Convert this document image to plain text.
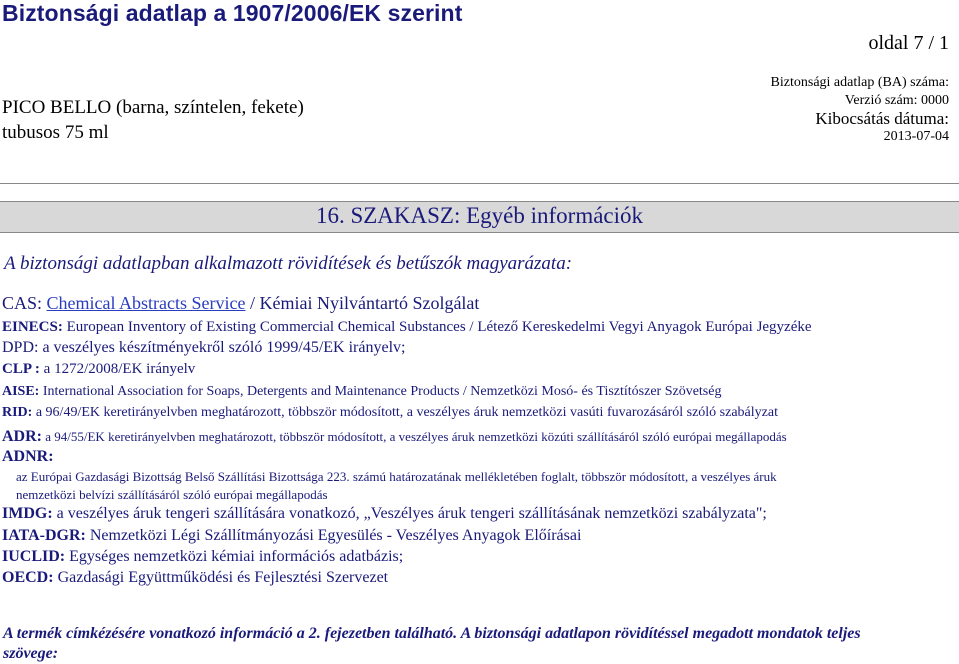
Biztonsági adatlap a 1907/2006/EK szerint
oldal 7 / 1
PICO BELLO (barna, színtelen, fekete)
tubusos 75 ml
Biztonsági adatlap (BA) száma:
Verzió szám: 0000
Kibocsátás dátuma:
2013-07-04
16. SZAKASZ: Egyéb információk
A biztonsági adatlapban alkalmazott rövidítések és betűszók magyarázata:
CAS: Chemical Abstracts Service / Kémiai Nyilvántartó Szolgálat
EINECS: European Inventory of Existing Commercial Chemical Substances / Létező Kereskedelmi Vegyi Anyagok Európai Jegyzéke
DPD: a veszélyes készítményekről szóló 1999/45/EK irányelv;
CLP : a 1272/2008/EK irányelv
AISE: International Association for Soaps, Detergents and Maintenance Products / Nemzetközi Mosó- és Tisztítószer Szövetség
RID: a 96/49/EK keretirányelvben meghatározott, többször módosított, a veszélyes áruk nemzetközi vasúti fuvarozásáról szóló szabályzat
ADR: a 94/55/EK keretirányelvben meghatározott, többször módosított, a veszélyes áruk nemzetközi közúti szállításáról szóló európai megállapodás
ADNR:
az Európai Gazdasági Bizottság Belső Szállítási Bizottsága 223. számú határozatának mellékletében foglalt, többször módosított, a veszélyes áruk
nemzetközi belvízi szállításáról szóló európai megállapodás
IMDG: a veszélyes áruk tengeri szállítására vonatkozó, „Veszélyes áruk tengeri szállításának nemzetközi szabályzata";
IATA-DGR: Nemzetközi Légi Szállítmányozási Egyesülés - Veszélyes Anyagok Előírásai
IUCLID: Egységes nemzetközi kémiai információs adatbázis;
OECD: Gazdasági Együttműködési és Fejlesztési Szervezet
A termék címkézésére vonatkozó információ a 2. fejezetben található. A biztonsági adatlapon rövidítéssel megadott mondatok teljes szövege:
